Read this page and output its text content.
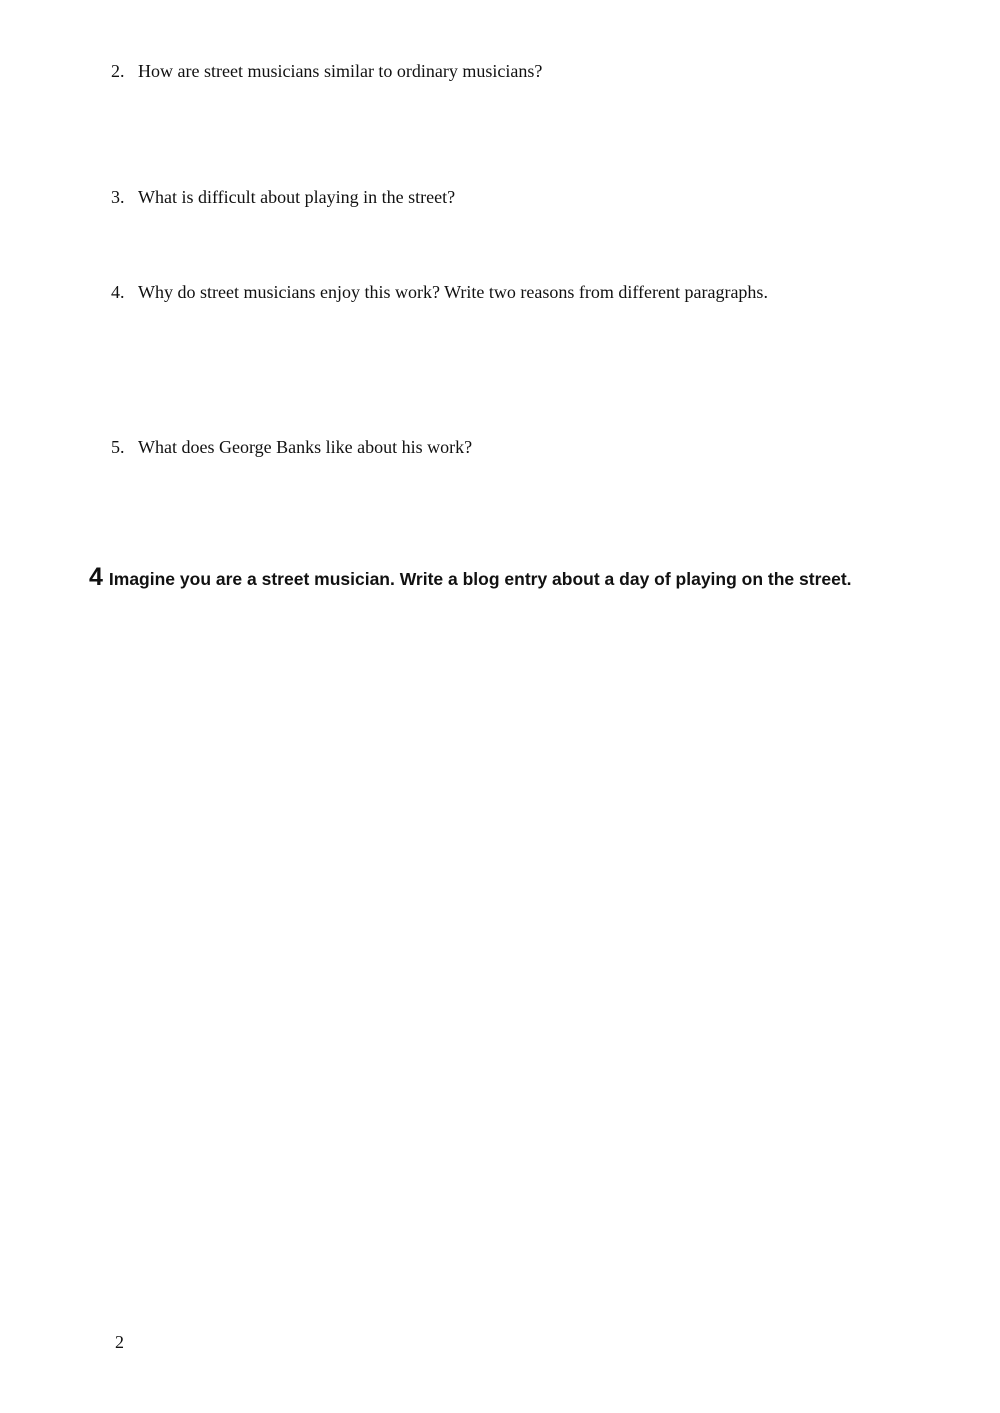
2. How are street musicians similar to ordinary musicians?
3. What is difficult about playing in the street?
4. Why do street musicians enjoy this work? Write two reasons from different paragraphs.
5. What does George Banks like about his work?
4 Imagine you are a street musician. Write a blog entry about a day of playing on the street.
2
